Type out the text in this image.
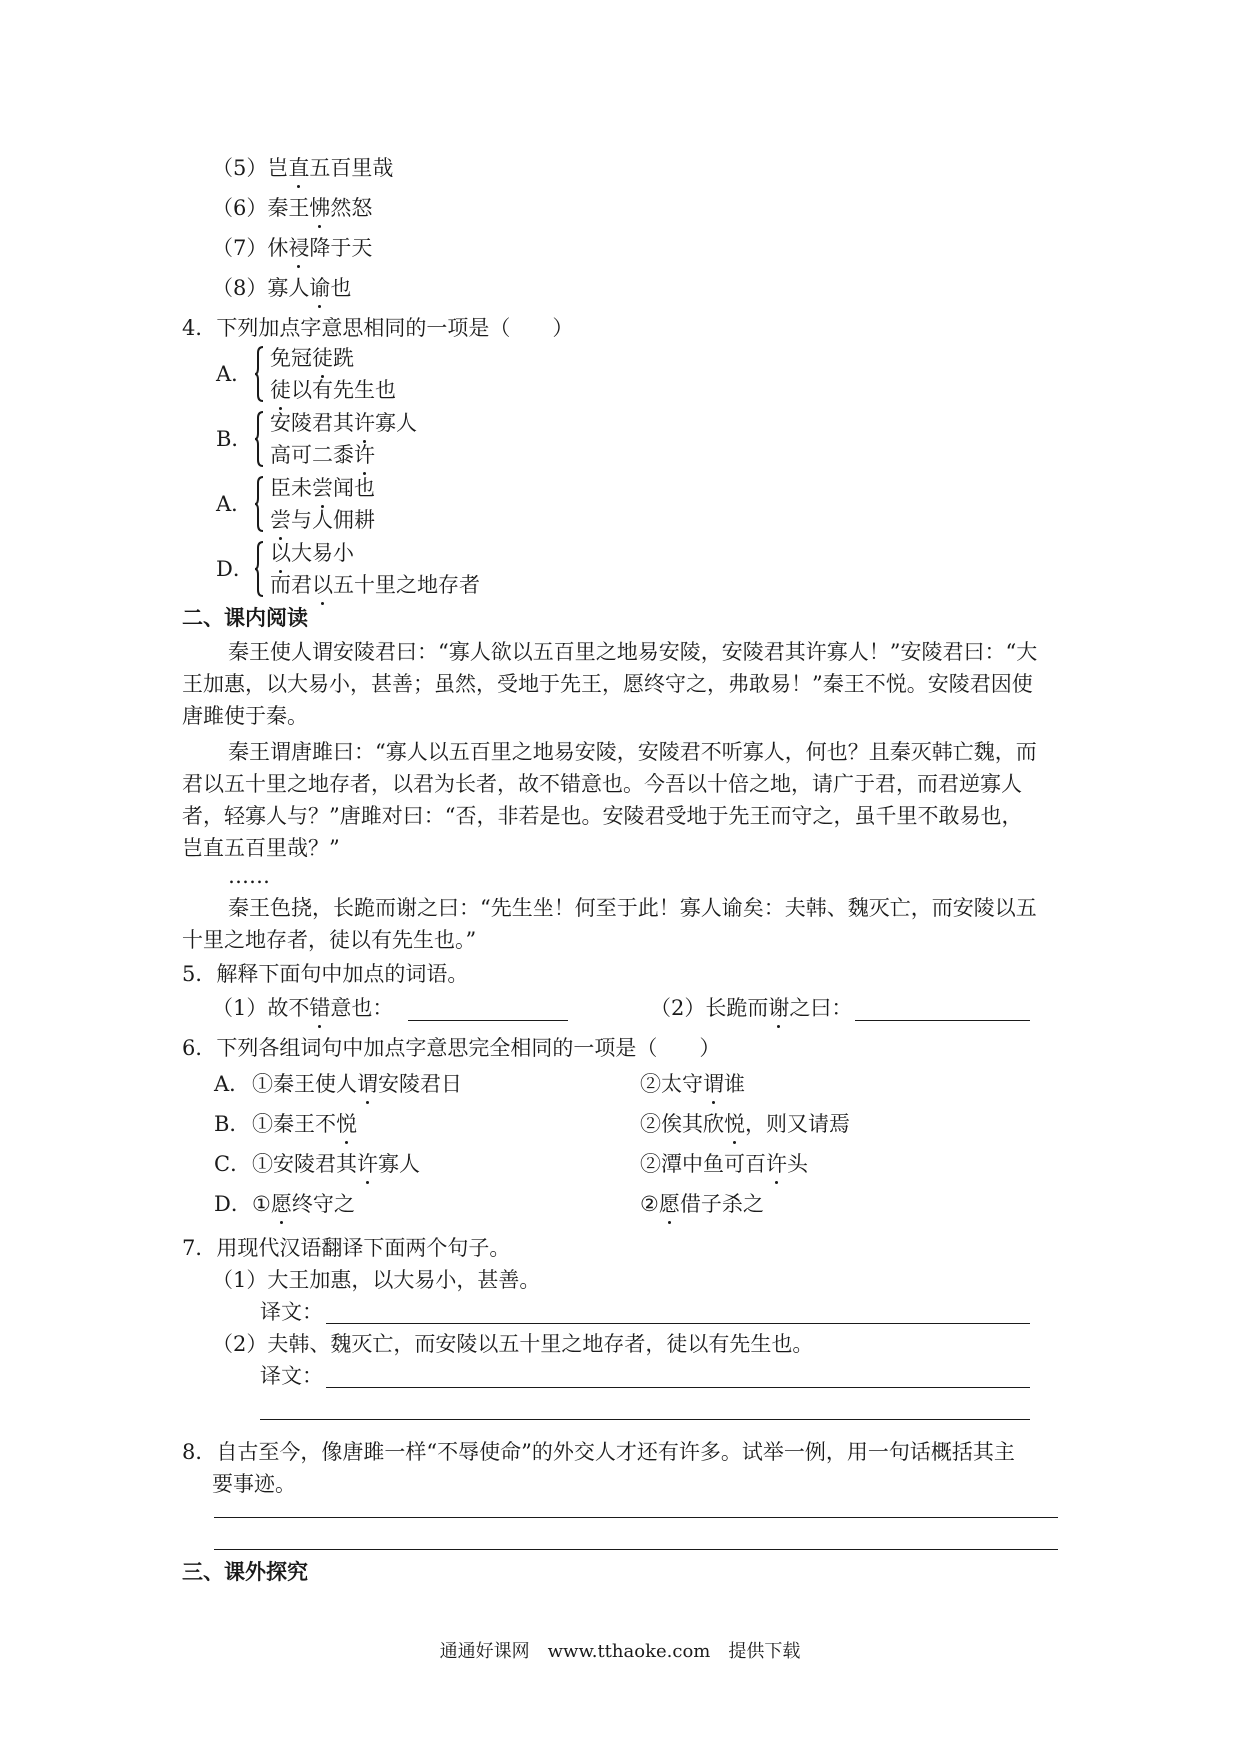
（5）岂直五百里哉
（6）秦王怫然怒
（7）休祲降于天
（8）寡人谕也
4．下列加点字意思相同的一项是（　　）
A．
免冠徒跣
徒以有先生也
B．
安陵君其许寡人
高可二黍许
A．
臣未尝闻也
尝与人佣耕
D．
以大易小
而君以五十里之地存者
二、课内阅读
秦王使人谓安陵君曰：“寡人欲以五百里之地易安陵，安陵君其许寡人！”安陵君曰：“大
王加惠，以大易小，甚善；虽然，受地于先王，愿终守之，弗敢易！”秦王不悦。安陵君因使
唐雎使于秦。
秦王谓唐雎曰：“寡人以五百里之地易安陵，安陵君不听寡人，何也？且秦灭韩亡魏，而
君以五十里之地存者，以君为长者，故不错意也。今吾以十倍之地，请广于君，而君逆寡人
者，轻寡人与？”唐雎对曰：“否，非若是也。安陵君受地于先王而守之，虽千里不敢易也，
岂直五百里哉？”
……
秦王色挠，长跪而谢之曰：“先生坐！何至于此！寡人谕矣：夫韩、魏灭亡，而安陵以五
十里之地存者，徒以有先生也。”
5．解释下面句中加点的词语。
（1）故不错意也：	（2）长跪而谢之曰：
6．下列各组词句中加点字意思完全相同的一项是（　　）
A． ①秦王使人谓安陵君日	②太守谓谁
B． ①秦王不悦	②俟其欣悦，则又请焉
C． ①安陵君其许寡人	②潭中鱼可百许头
D． ①愿终守之	②愿借子杀之
7．用现代汉语翻译下面两个句子。
（1）大王加惠，以大易小，甚善。
译文：
（2）夫韩、魏灭亡，而安陵以五十里之地存者，徒以有先生也。
译文：
8．自古至今，像唐雎一样“不辱使命”的外交人才还有许多。试举一例，用一句话概括其主
要事迹。
三、课外探究
通通好课网　www.tthaoke.com　提供下载
